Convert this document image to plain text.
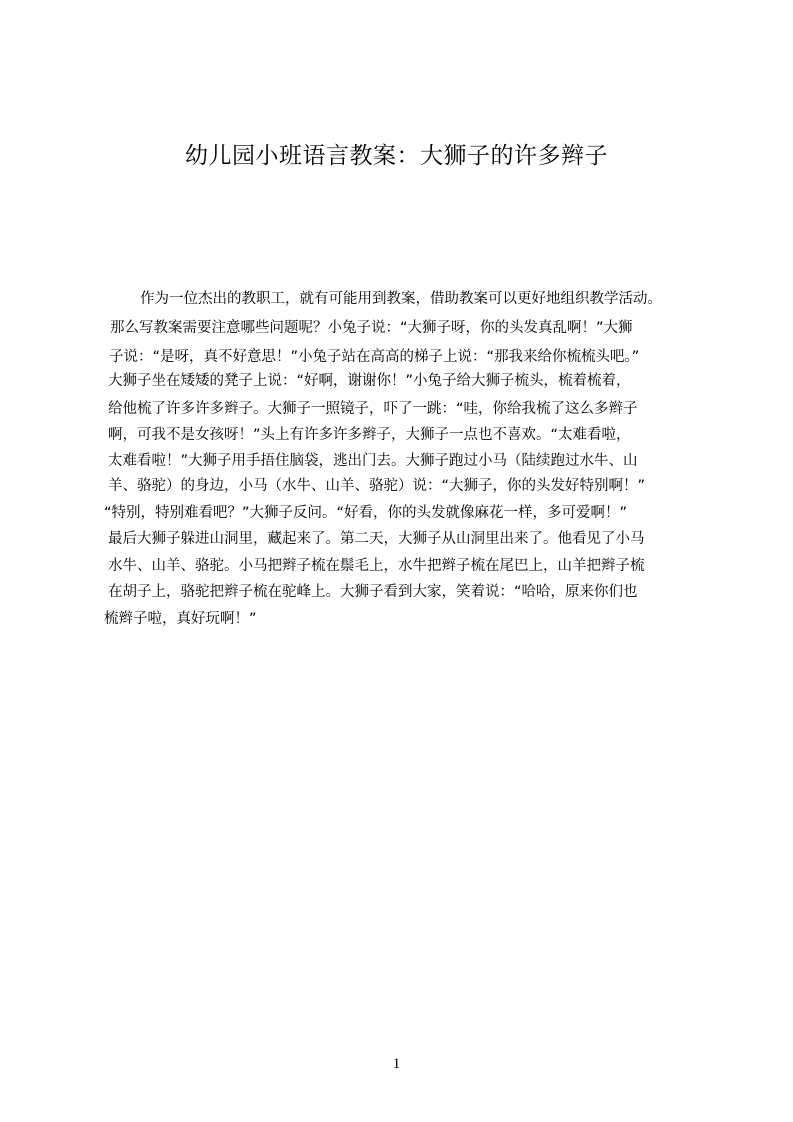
幼儿园小班语言教案：大狮子的许多辫子
作为一位杰出的教职工，就有可能用到教案，借助教案可以更好地组织教学活动。
那么写教案需要注意哪些问题呢？小兔子说：“大狮子呀，你的头发真乱啊！”大狮
子说：“是呀，真不好意思！”小兔子站在高高的梯子上说：“那我来给你梳梳头吧。”
大狮子坐在矮矮的凳子上说：“好啊，谢谢你！”小兔子给大狮子梳头，梳着梳着，
给他梳了许多许多辫子。大狮子一照镜子，吓了一跳：“哇，你给我梳了这么多辫子
啊，可我不是女孩呀！”头上有许多许多辫子，大狮子一点也不喜欢。“太难看啦，
太难看啦！”大狮子用手捂住脑袋，逃出门去。大狮子跑过小马（陆续跑过水牛、山
羊、骆驼）的身边，小马（水牛、山羊、骆驼）说：“大狮子，你的头发好特别啊！”
“特别，特别难看吧？”大狮子反问。“好看，你的头发就像麻花一样，多可爱啊！”
最后大狮子躲进山洞里，藏起来了。第二天，大狮子从山洞里出来了。他看见了小马
水牛、山羊、骆驼。小马把辫子梳在鬃毛上，水牛把辫子梳在尾巴上，山羊把辫子梳
在胡子上，骆驼把辫子梳在驼峰上。大狮子看到大家，笑着说：“哈哈，原来你们也
梳辫子啦，真好玩啊！”
1
